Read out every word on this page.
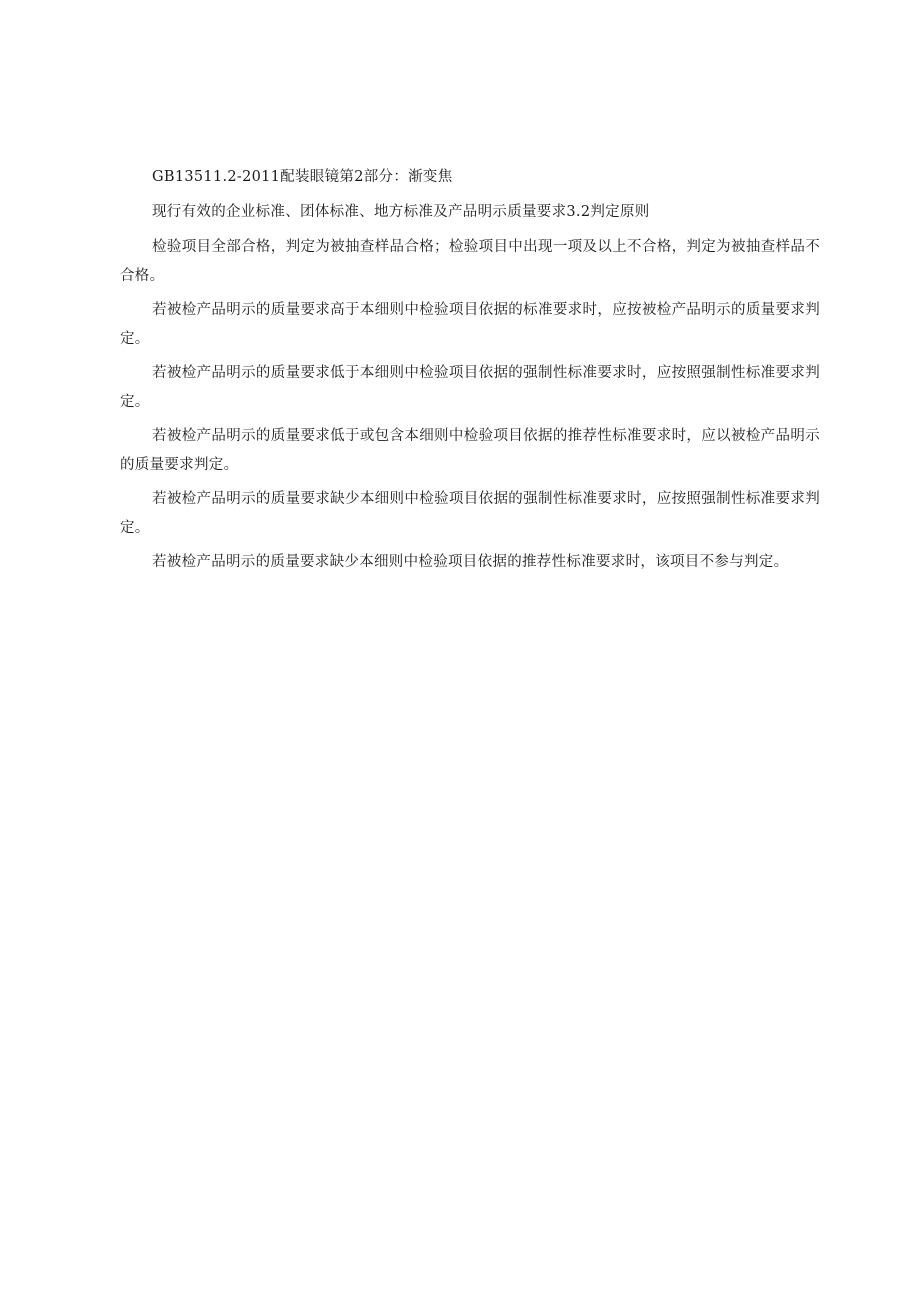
GB13511.2-2011配装眼镜第2部分：渐变焦

现行有效的企业标准、团体标准、地方标准及产品明示质量要求3.2判定原则

检验项目全部合格，判定为被抽查样品合格；检验项目中出现一项及以上不合格，判定为被抽查样品不合格。

若被检产品明示的质量要求高于本细则中检验项目依据的标准要求时，应按被检产品明示的质量要求判定。

若被检产品明示的质量要求低于本细则中检验项目依据的强制性标准要求时，应按照强制性标准要求判定。

若被检产品明示的质量要求低于或包含本细则中检验项目依据的推荐性标准要求时，应以被检产品明示的质量要求判定。

若被检产品明示的质量要求缺少本细则中检验项目依据的强制性标准要求时，应按照强制性标准要求判定。

若被检产品明示的质量要求缺少本细则中检验项目依据的推荐性标准要求时，该项目不参与判定。
